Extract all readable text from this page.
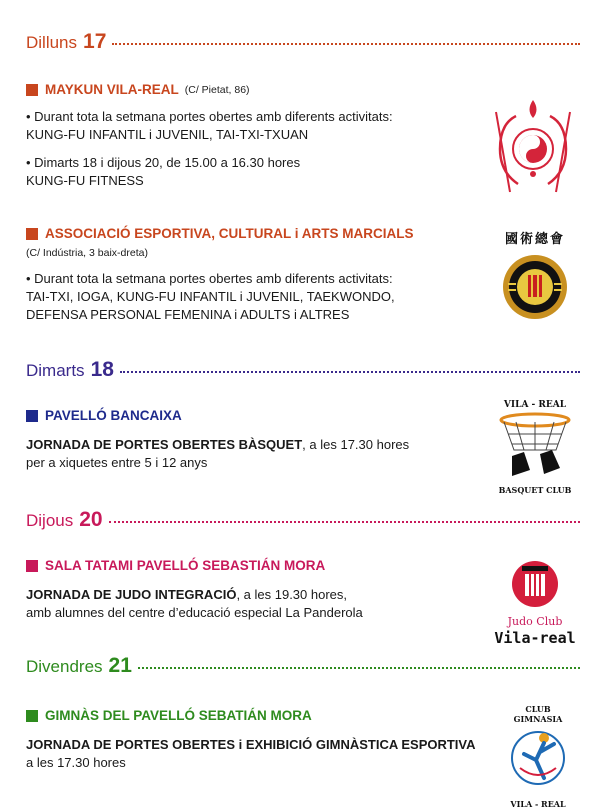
Dilluns 17
Dimarts 18
Dijous 20
Divendres 21
MAYKUN VILA-REAL (C/ Pietat, 86)
• Durant tota la setmana portes obertes amb diferents activitats:
KUNG-FU INFANTIL i JUVENIL, TAI-TXI-TXUAN
• Dimarts 18 i dijous 20, de 15.00 a 16.30 hores
KUNG-FU FITNESS
ASSOCIACIÓ ESPORTIVA, CULTURAL i ARTS MARCIALS
(C/ Indústria, 3 baix-dreta)
• Durant tota la setmana portes obertes amb diferents activitats:
TAI-TXI, IOGA, KUNG-FU INFANTIL i JUVENIL, TAEKWONDO,
DEFENSA PERSONAL FEMENINA i ADULTS i ALTRES
國術總會
PAVELLÓ BANCAIXA
JORNADA DE PORTES OBERTES BÀSQUET, a les 17.30 hores
per a xiquetes entre 5 i 12 anys
VILA - REAL
BASQUET CLUB
SALA TATAMI PAVELLÓ SEBASTIÁN MORA
JORNADA DE JUDO INTEGRACIÓ, a les 19.30 hores,
amb alumnes del centre d’educació especial La Panderola
Judo Club
Vila-real
GIMNÀS DEL PAVELLÓ SEBATIÁN MORA
JORNADA DE PORTES OBERTES i EXHIBICIÓ GIMNÀSTICA ESPORTIVA
a les 17.30 hores
CLUB GIMNASIA
VILA - REAL
